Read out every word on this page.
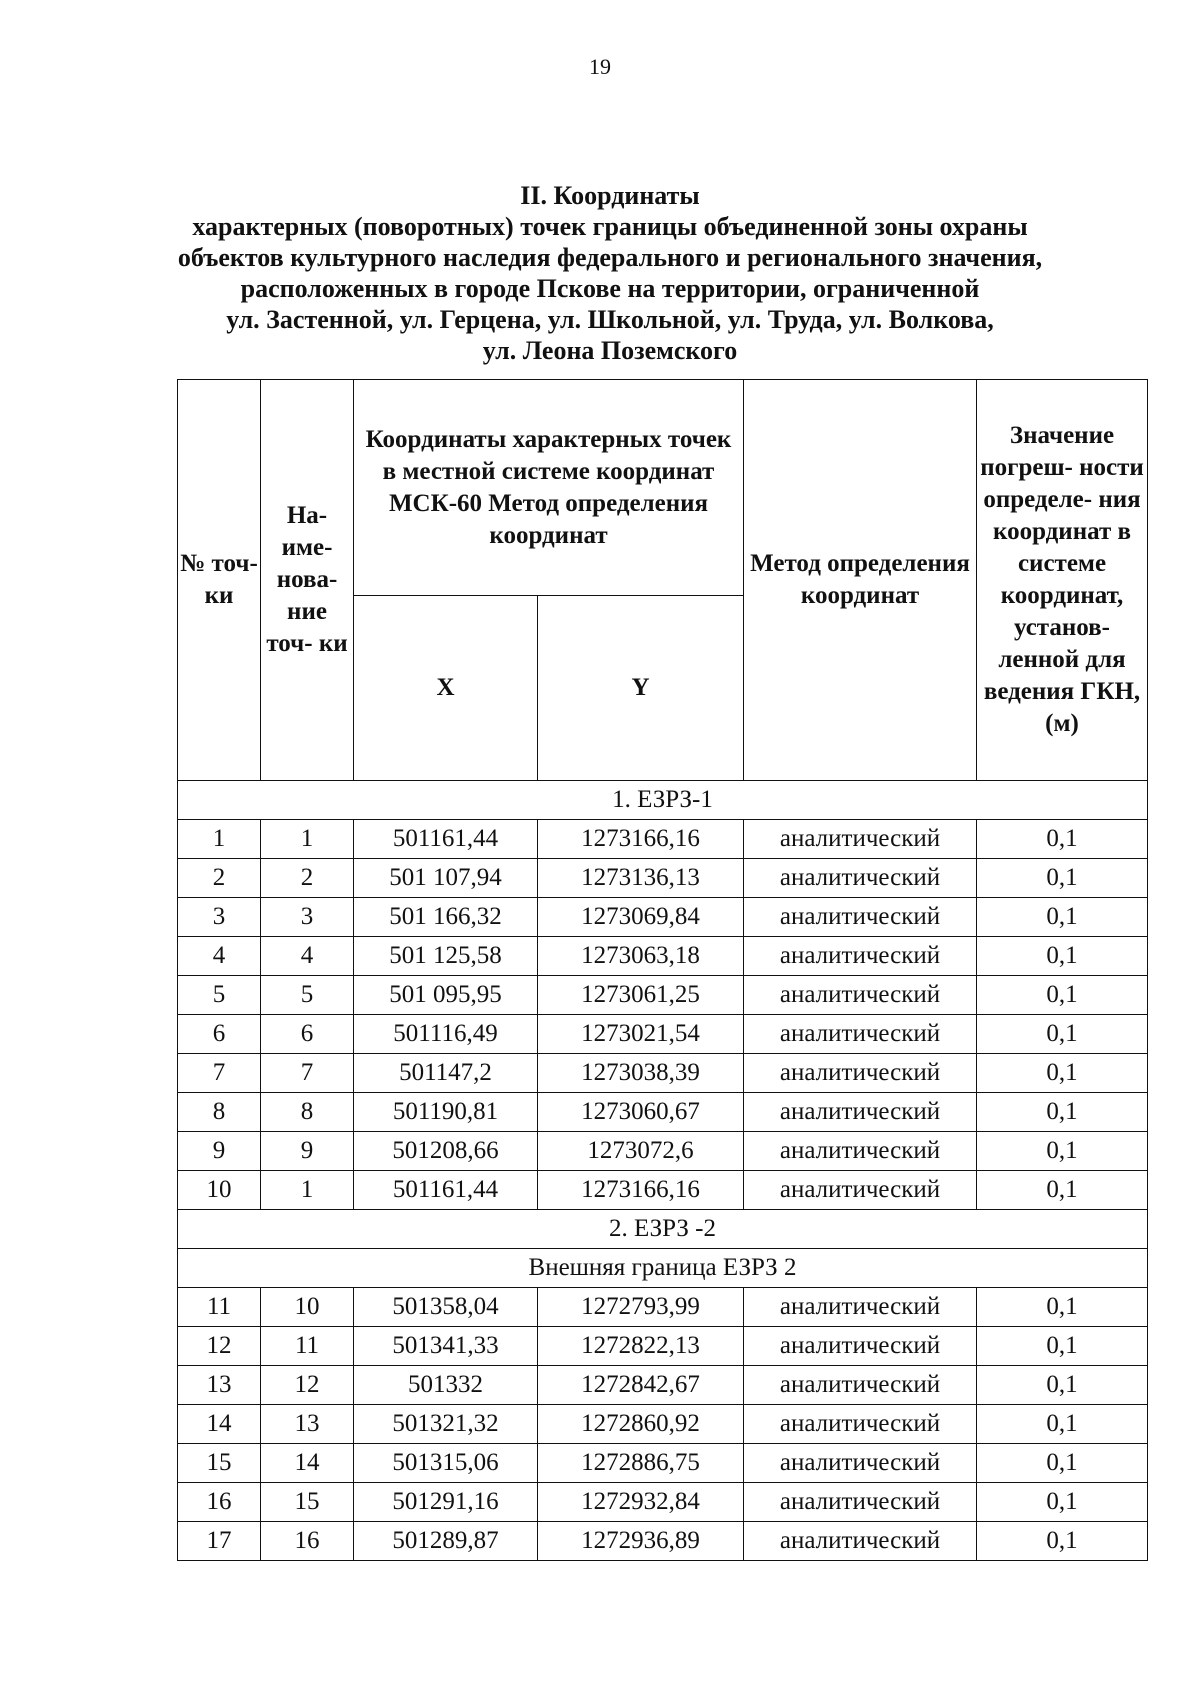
19
II. Координаты
характерных (поворотных) точек границы объединенной зоны охраны
объектов культурного наследия федерального и регионального значения,
расположенных в городе Пскове на территории, ограниченной
ул. Застенной, ул. Герцена, ул. Школьной, ул. Труда, ул. Волкова,
ул. Леона Поземского
№ точ- ки	На- име- нова- ние точ- ки	Координаты характерных точек в местной системе координат МСК-60 Метод определения координат		Метод определения координат	Значение погреш- ности определе- ния координат в системе координат, установ- ленной для ведения ГКН, (м)
		X	Y		
1. ЕЗРЗ-1					
1	1	501161,44	1273166,16	аналитический	0,1
2	2	501 107,94	1273136,13	аналитический	0,1
3	3	501 166,32	1273069,84	аналитический	0,1
4	4	501 125,58	1273063,18	аналитический	0,1
5	5	501 095,95	1273061,25	аналитический	0,1
6	6	501116,49	1273021,54	аналитический	0,1
7	7	501147,2	1273038,39	аналитический	0,1
8	8	501190,81	1273060,67	аналитический	0,1
9	9	501208,66	1273072,6	аналитический	0,1
10	1	501161,44	1273166,16	аналитический	0,1
2. ЕЗРЗ -2					
Внешняя граница ЕЗРЗ 2					
11	10	501358,04	1272793,99	аналитический	0,1
12	11	501341,33	1272822,13	аналитический	0,1
13	12	501332	1272842,67	аналитический	0,1
14	13	501321,32	1272860,92	аналитический	0,1
15	14	501315,06	1272886,75	аналитический	0,1
16	15	501291,16	1272932,84	аналитический	0,1
17	16	501289,87	1272936,89	аналитический	0,1
